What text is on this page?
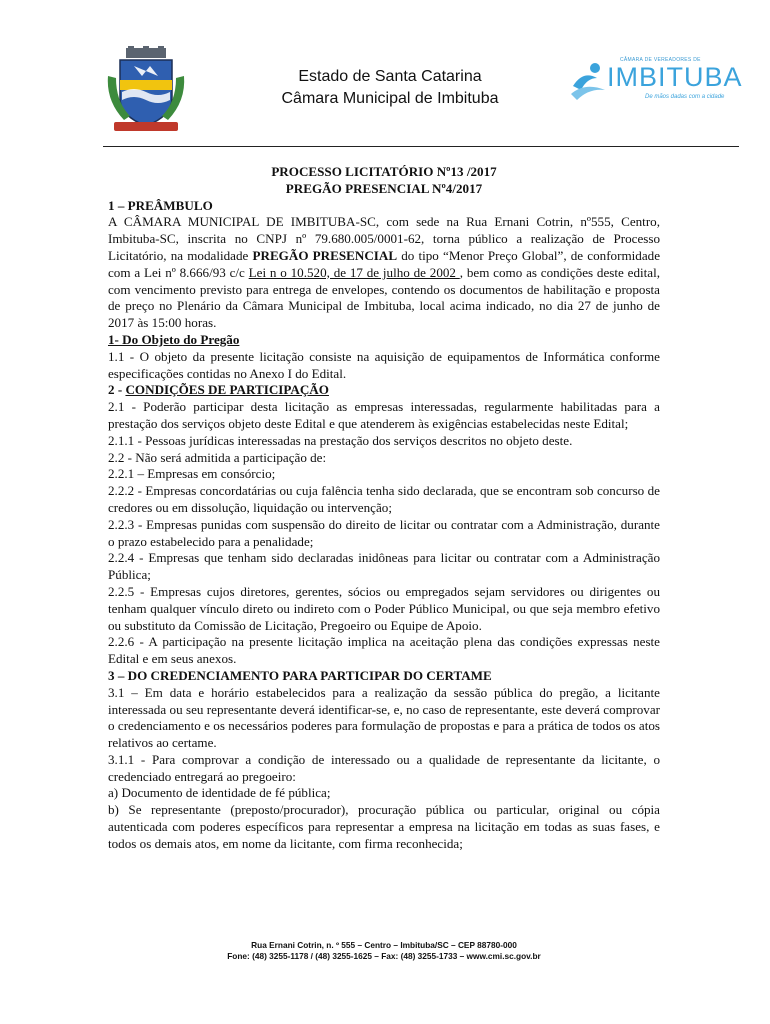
Estado de Santa Catarina
Câmara Municipal de Imbituba
CÂMARA DE VEREADORES DE
IMBITUBA
De mãos dadas com a cidade
PROCESSO LICITATÓRIO Nº13 /2017
PREGÃO PRESENCIAL Nº4/2017
1 – PREÂMBULO
A CÂMARA MUNICIPAL DE IMBITUBA-SC, com sede na Rua Ernani Cotrin, nº555, Centro, Imbituba-SC, inscrita no CNPJ nº 79.680.005/0001-62, torna público a realização de Processo Licitatório, na modalidade PREGÃO PRESENCIAL do tipo “Menor Preço Global”, de conformidade com a Lei nº 8.666/93 c/c Lei n o 10.520, de 17 de julho de 2002 , bem como as condições deste edital, com vencimento previsto para entrega de envelopes, contendo os documentos de habilitação e proposta de preço no Plenário da Câmara Municipal de Imbituba, local acima indicado, no dia 27 de junho de 2017 às 15:00 horas.
1- Do Objeto do Pregão
1.1 - O objeto da presente licitação consiste na aquisição de equipamentos de Informática conforme especificações contidas no Anexo I do Edital.
2 - CONDIÇÕES DE PARTICIPAÇÃO
2.1 - Poderão participar desta licitação as empresas interessadas, regularmente habilitadas para a prestação dos serviços objeto deste Edital e que atenderem às exigências estabelecidas neste Edital;
2.1.1 - Pessoas jurídicas interessadas na prestação dos serviços descritos no objeto deste.
2.2 - Não será admitida a participação de:
2.2.1 – Empresas em consórcio;
2.2.2 - Empresas concordatárias ou cuja falência tenha sido declarada, que se encontram sob concurso de credores ou em dissolução, liquidação ou intervenção;
2.2.3 - Empresas punidas com suspensão do direito de licitar ou contratar com a Administração, durante o prazo estabelecido para a penalidade;
2.2.4 - Empresas que tenham sido declaradas inidôneas para licitar ou contratar com a Administração Pública;
2.2.5 - Empresas cujos diretores, gerentes, sócios ou empregados sejam servidores ou dirigentes ou tenham qualquer vínculo direto ou indireto com o Poder Público Municipal, ou que seja membro efetivo ou substituto da Comissão de Licitação, Pregoeiro ou Equipe de Apoio.
2.2.6 - A participação na presente licitação implica na aceitação plena das condições expressas neste Edital e em seus anexos.
3 – DO CREDENCIAMENTO PARA PARTICIPAR DO CERTAME
3.1 – Em data e horário estabelecidos para a realização da sessão pública do pregão, a licitante interessada ou seu representante deverá identificar-se, e, no caso de representante, este deverá comprovar o credenciamento e os necessários poderes para formulação de propostas e para a prática de todos os atos relativos ao certame.
3.1.1 - Para comprovar a condição de interessado ou a qualidade de representante da licitante, o credenciado entregará ao pregoeiro:
a) Documento de identidade de fé pública;
b) Se representante (preposto/procurador), procuração pública ou particular, original ou cópia autenticada com poderes específicos para representar a empresa na licitação em todas as suas fases, e todos os demais atos, em nome da licitante, com firma reconhecida;
Rua Ernani Cotrin, n. º 555 – Centro – Imbituba/SC – CEP 88780-000
Fone: (48) 3255-1178 / (48) 3255-1625 – Fax: (48) 3255-1733 – www.cmi.sc.gov.br
